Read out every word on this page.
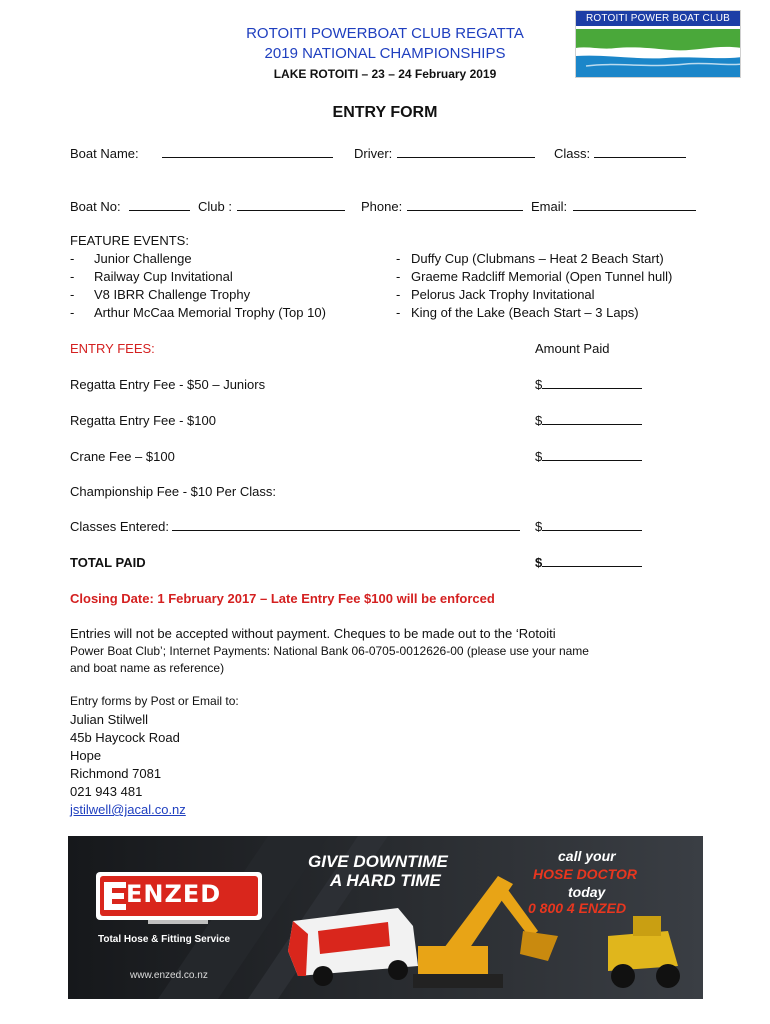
ROTOITI POWERBOAT CLUB REGATTA
2019 NATIONAL CHAMPIONSHIPS
LAKE ROTOITI – 23 – 24 February 2019
ROTOITI POWER BOAT CLUB
ENTRY FORM
Boat Name:	Driver:	Class:
Boat No:	Club :	Phone:	Email:
FEATURE EVENTS:
- Junior Challenge
- Railway Cup Invitational
- V8 IBRR Challenge Trophy
- Arthur McCaa Memorial Trophy (Top 10)
- Duffy Cup (Clubmans – Heat 2 Beach Start)
- Graeme Radcliff Memorial (Open Tunnel hull)
- Pelorus Jack Trophy Invitational
- King of the Lake (Beach Start – 3 Laps)
ENTRY FEES:	Amount Paid
Regatta Entry Fee - $50 – Juniors	$
Regatta Entry Fee - $100	$
Crane Fee – $100	$
Championship Fee - $10 Per Class:
Classes Entered:	$
TOTAL PAID	$
Closing Date: 1 February 2017 – Late Entry Fee $100 will be enforced
Entries will not be accepted without payment. Cheques to be made out to the ‘Rotoiti
Power Boat Club’; Internet Payments: National Bank 06-0705-0012626-00 (please use your name
and boat name as reference)
Entry forms by Post or Email to:
Julian Stilwell
45b Haycock Road
Hope
Richmond 7081
021 943 481
jstilwell@jacal.co.nz
Total Hose & Fitting Service
www.enzed.co.nz
ENZED
GIVE DOWNTIME
A HARD TIME
call your
HOSE DOCTOR
today
0 800 4 ENZED
